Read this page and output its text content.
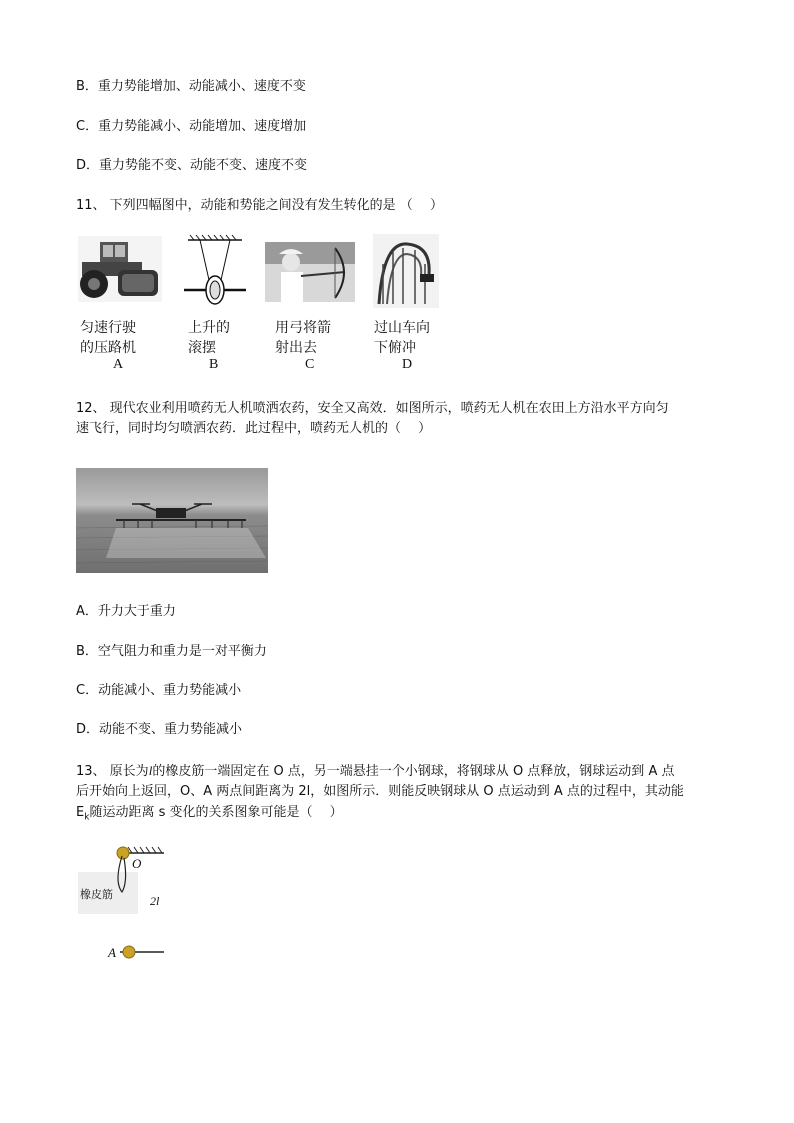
B．重力势能增加、动能减小、速度不变
C．重力势能减小、动能增加、速度增加
D．重力势能不变、动能不变、速度不变
11、 下列四幅图中，动能和势能之间没有发生转化的是 （　 ）
匀速行驶
的压路机
A
上升的
滚摆
B
用弓将箭
射出去
C
过山车向
下俯冲
D
12、 现代农业利用喷药无人机喷洒农药，安全又高效．如图所示，喷药无人机在农田上方沿水平方向匀
速飞行，同时均匀喷洒农药．此过程中，喷药无人机的（　 ）
A．升力大于重力
B．空气阻力和重力是一对平衡力
C．动能减小、重力势能减小
D．动能不变、重力势能减小
13、 原长为l的橡皮筋一端固定在 O 点，另一端悬挂一个小钢球，将钢球从 O 点释放，钢球运动到 A 点
后开始向上返回，O、A 两点间距离为 2l，如图所示．则能反映钢球从 O 点运动到 A 点的过程中，其动能
$E_k$随运动距离 s 变化的关系图象可能是（　 ）
O
橡皮筋	2l
A
